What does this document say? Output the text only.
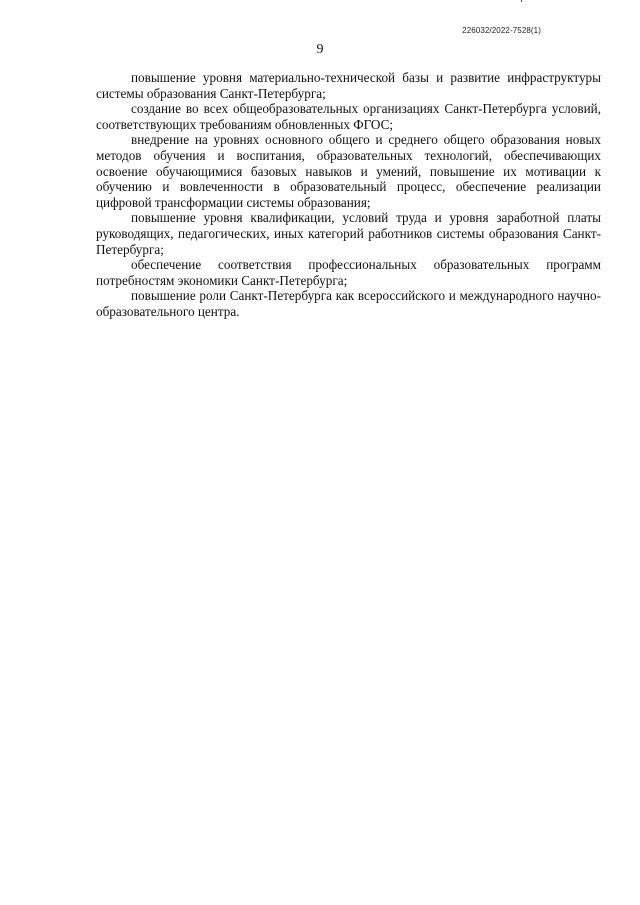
226032/2022-7528(1)
9

повышение уровня материально-технической базы и развитие инфраструктуры системы образования Санкт-Петербурга;

создание во всех общеобразовательных организациях Санкт-Петербурга условий, соответствующих требованиям обновленных ФГОС;

внедрение на уровнях основного общего и среднего общего образования новых методов обучения и воспитания, образовательных технологий, обеспечивающих освоение обучающимися базовых навыков и умений, повышение их мотивации к обучению и вовлеченности в образовательный процесс, обеспечение реализации цифровой трансформации системы образования;

повышение уровня квалификации, условий труда и уровня заработной платы руководящих, педагогических, иных категорий работников системы образования Санкт-Петербурга;

обеспечение соответствия профессиональных образовательных программ потребностям экономики Санкт-Петербурга;

повышение роли Санкт-Петербурга как всероссийского и международного научно-образовательного центра.
